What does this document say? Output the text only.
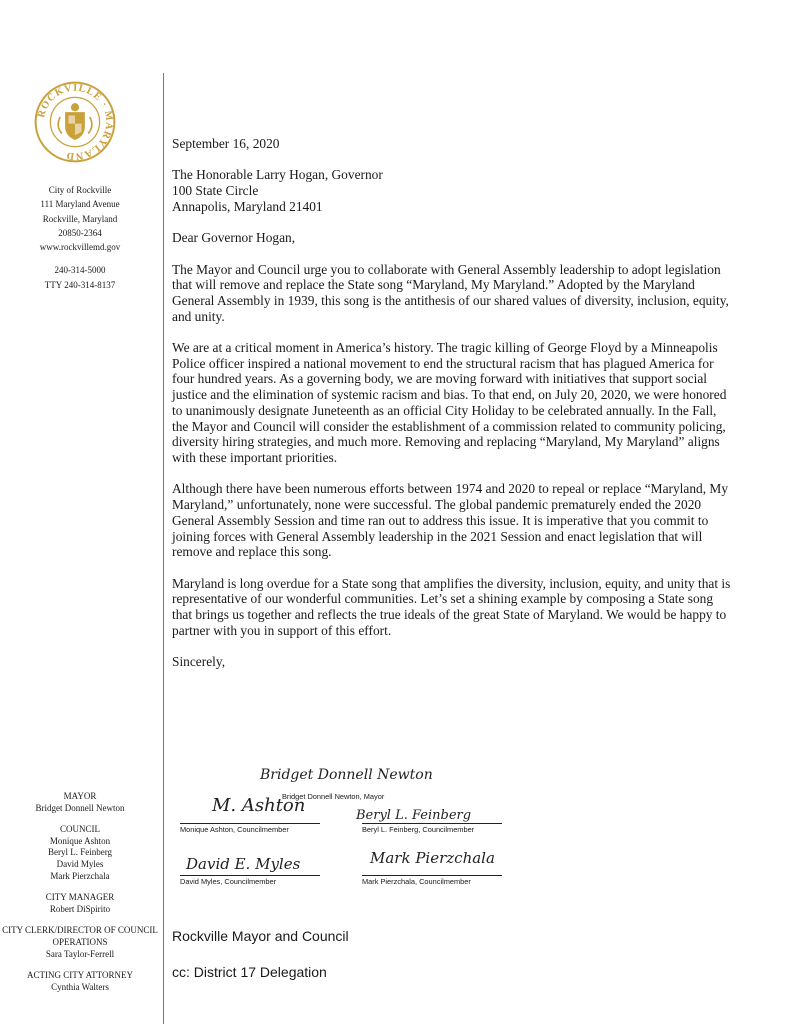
ROCKVILLE · MARYLAND
City of Rockville
111 Maryland Avenue
Rockville, Maryland
20850-2364
www.rockvillemd.gov
240-314-5000
TTY 240-314-8137
MAYOR
Bridget Donnell Newton
COUNCIL
Monique Ashton
Beryl L. Feinberg
David Myles
Mark Pierzchala
CITY MANAGER
Robert DiSpirito
CITY CLERK/DIRECTOR OF COUNCIL OPERATIONS
Sara Taylor-Ferrell
ACTING CITY ATTORNEY
Cynthia Walters

September 16, 2020

The Honorable Larry Hogan, Governor
100 State Circle
Annapolis, Maryland 21401

Dear Governor Hogan,

The Mayor and Council urge you to collaborate with General Assembly leadership to adopt legislation that will remove and replace the State song “Maryland, My Maryland.” Adopted by the Maryland General Assembly in 1939, this song is the antithesis of our shared values of diversity, inclusion, equity, and unity.

We are at a critical moment in America’s history. The tragic killing of George Floyd by a Minneapolis Police officer inspired a national movement to end the structural racism that has plagued America for four hundred years. As a governing body, we are moving forward with initiatives that support social justice and the elimination of systemic racism and bias. To that end, on July 20, 2020, we were honored to unanimously designate Juneteenth as an official City Holiday to be celebrated annually. In the Fall, the Mayor and Council will consider the establishment of a commission related to community policing, diversity hiring strategies, and much more. Removing and replacing “Maryland, My Maryland” aligns with these important priorities.

Although there have been numerous efforts between 1974 and 2020 to repeal or replace “Maryland, My Maryland,” unfortunately, none were successful. The global pandemic prematurely ended the 2020 General Assembly Session and time ran out to address this issue. It is imperative that you commit to joining forces with General Assembly leadership in the 2021 Session and enact legislation that will remove and replace this song.

Maryland is long overdue for a State song that amplifies the diversity, inclusion, equity, and unity that is representative of our wonderful communities. Let’s set a shining example by composing a State song that brings us together and reflects the true ideals of the great State of Maryland. We would be happy to partner with you in support of this effort.

Sincerely,

Bridget Donnell Newton
Bridget Donnell Newton, Mayor
M. Ashton
Monique Ashton, Councilmember
Beryl L. Feinberg
Beryl L. Feinberg, Councilmember
David E. Myles
David Myles, Councilmember
Mark Pierzchala
Mark Pierzchala, Councilmember
Rockville Mayor and Council
cc: District 17 Delegation
